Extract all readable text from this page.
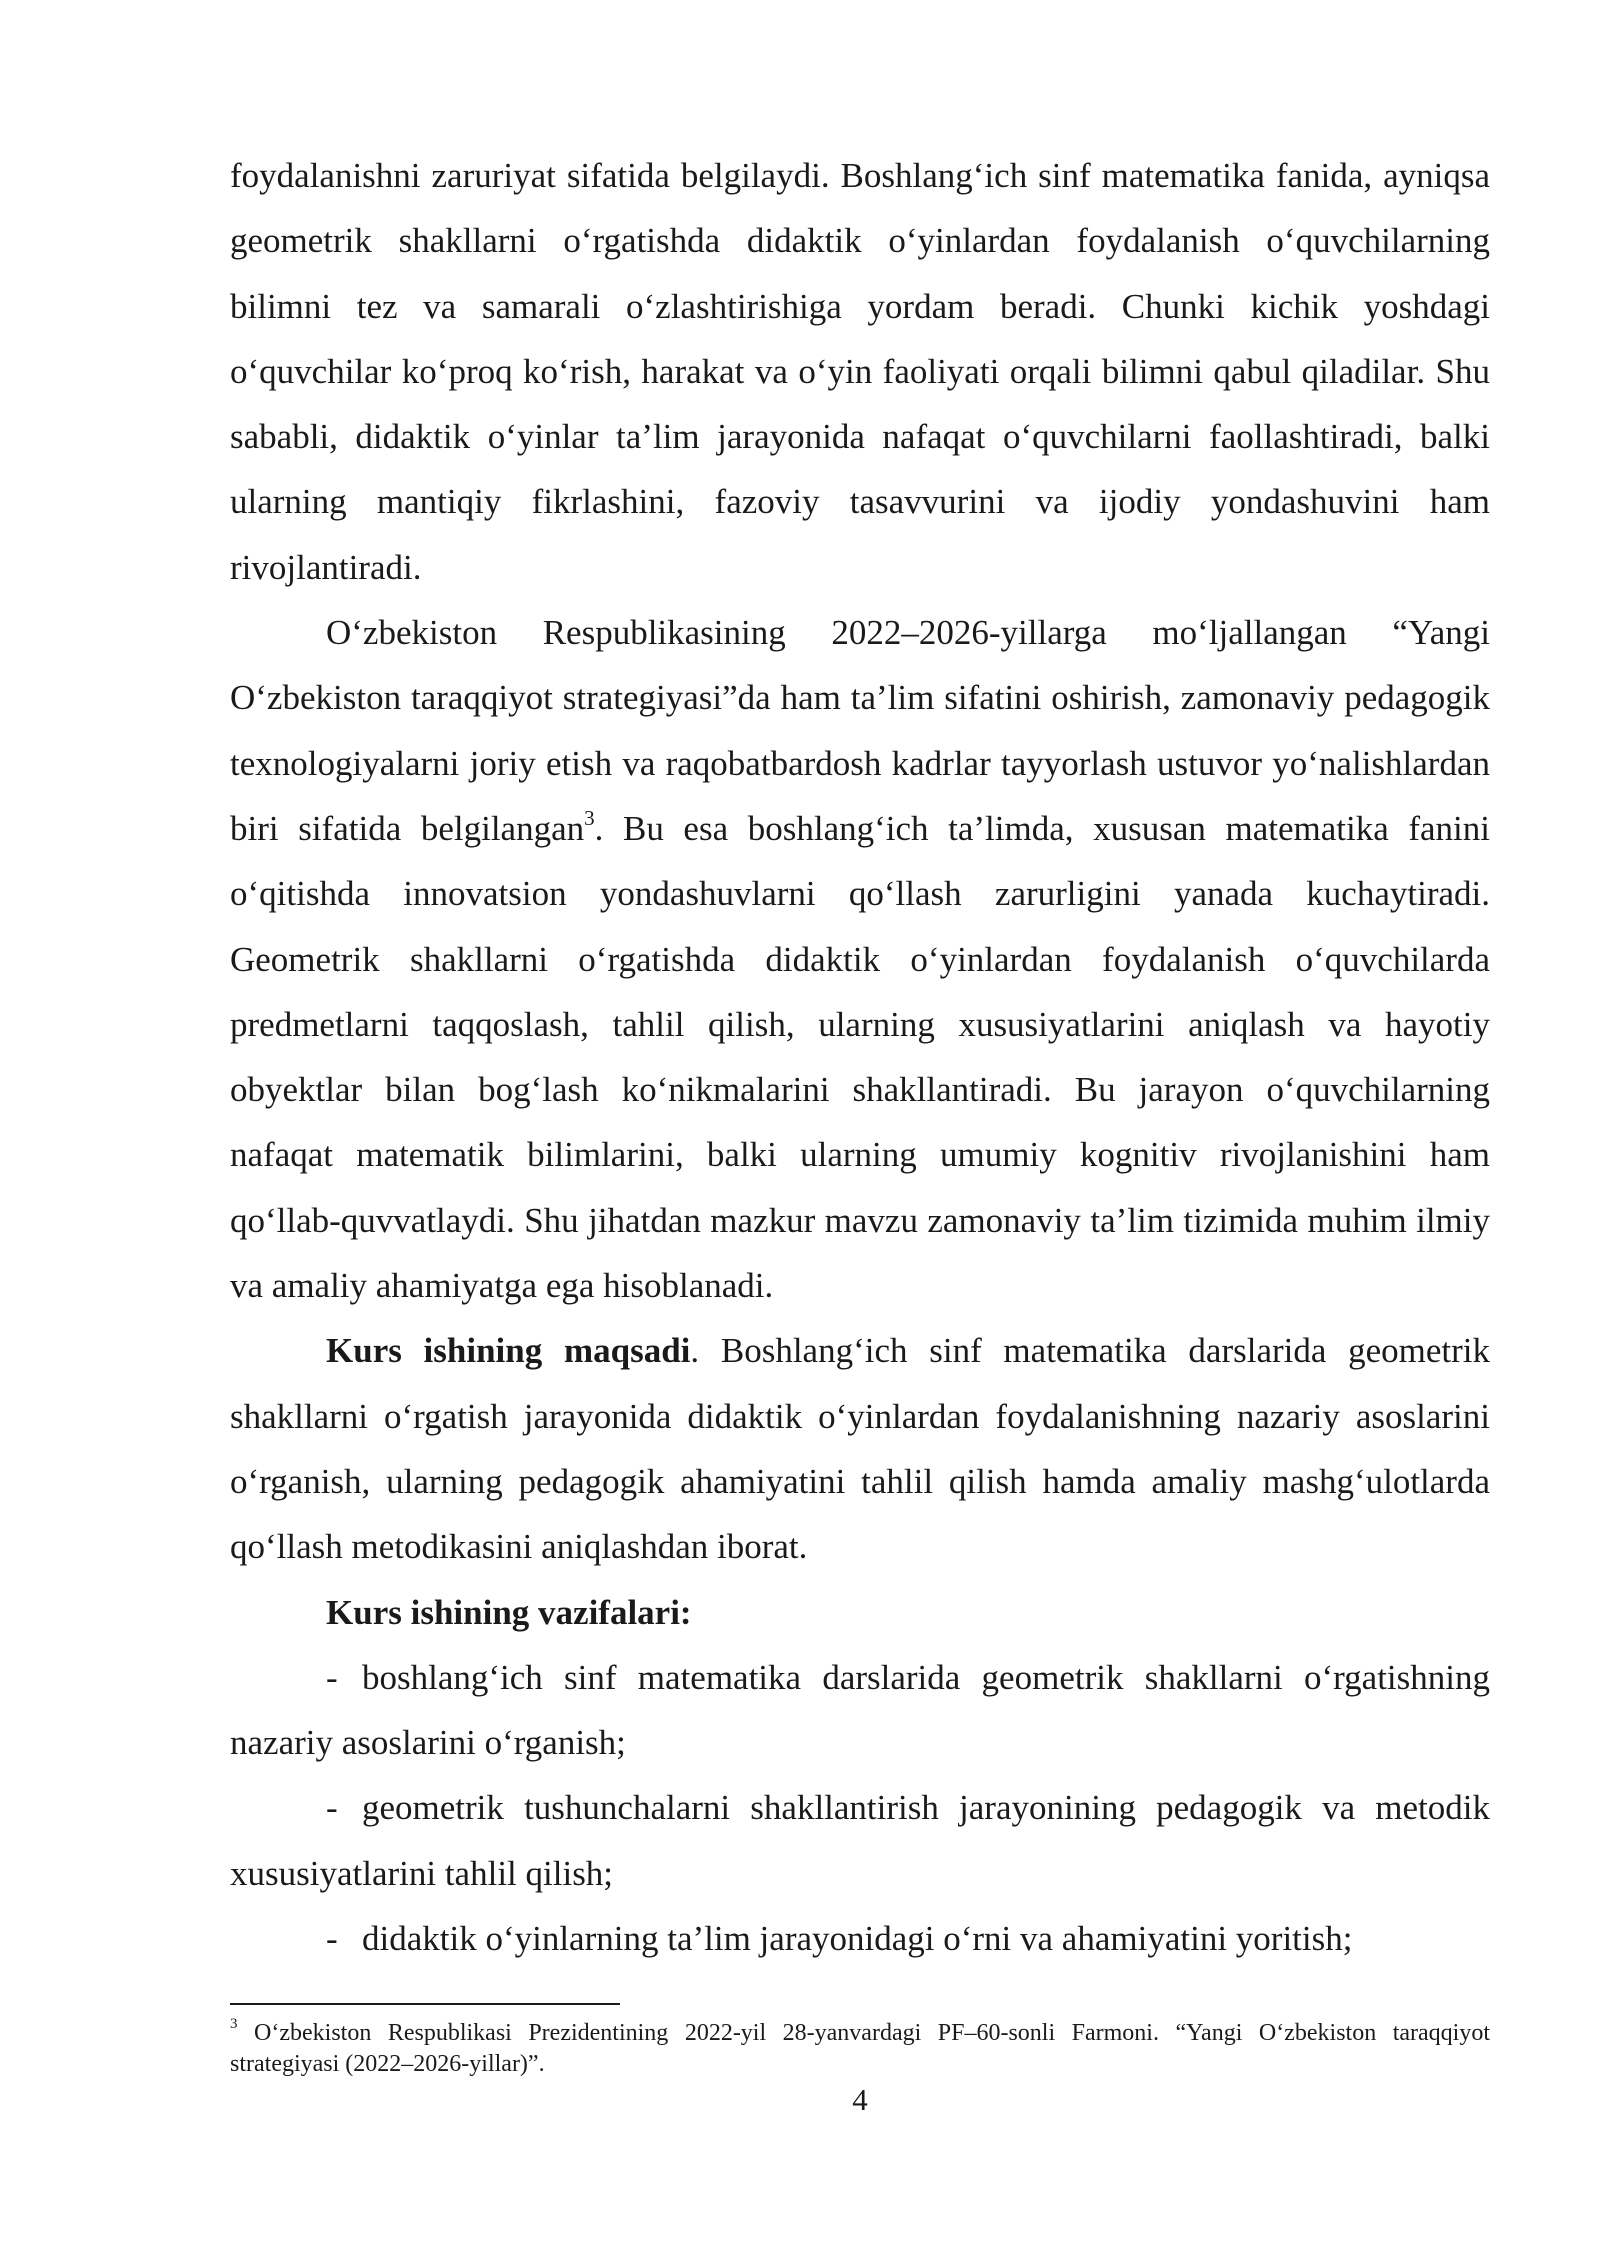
foydalanishni zaruriyat sifatida belgilaydi. Boshlang‘ich sinf matematika fanida, ayniqsa geometrik shakllarni o‘rgatishda didaktik o‘yinlardan foydalanish o‘quvchilarning bilimni tez va samarali o‘zlashtirishiga yordam beradi. Chunki kichik yoshdagi o‘quvchilar ko‘proq ko‘rish, harakat va o‘yin faoliyati orqali bilimni qabul qiladilar. Shu sababli, didaktik o‘yinlar ta’lim jarayonida nafaqat o‘quvchilarni faollashtiradi, balki ularning mantiqiy fikrlashini, fazoviy tasavvurini va ijodiy yondashuvini ham rivojlantiradi.

O‘zbekiston Respublikasining 2022–2026-yillarga mo‘ljallangan “Yangi O‘zbekiston taraqqiyot strategiyasi”da ham ta’lim sifatini oshirish, zamonaviy pedagogik texnologiyalarni joriy etish va raqobatbardosh kadrlar tayyorlash ustuvor yo‘nalishlardan biri sifatida belgilangan$^3$. Bu esa boshlang‘ich ta’limda, xususan matematika fanini o‘qitishda innovatsion yondashuvlarni qo‘llash zarurligini yanada kuchaytiradi. Geometrik shakllarni o‘rgatishda didaktik o‘yinlardan foydalanish o‘quvchilarda predmetlarni taqqoslash, tahlil qilish, ularning xususiyatlarini aniqlash va hayotiy obyektlar bilan bog‘lash ko‘nikmalarini shakllantiradi. Bu jarayon o‘quvchilarning nafaqat matematik bilimlarini, balki ularning umumiy kognitiv rivojlanishini ham qo‘llab-quvvatlaydi. Shu jihatdan mazkur mavzu zamonaviy ta’lim tizimida muhim ilmiy va amaliy ahamiyatga ega hisoblanadi.

Kurs ishining maqsadi. Boshlang‘ich sinf matematika darslarida geometrik shakllarni o‘rgatish jarayonida didaktik o‘yinlardan foydalanishning nazariy asoslarini o‘rganish, ularning pedagogik ahamiyatini tahlil qilish hamda amaliy mashg‘ulotlarda qo‘llash metodikasini aniqlashdan iborat.

Kurs ishining vazifalari:

- boshlang‘ich sinf matematika darslarida geometrik shakllarni o‘rgatishning nazariy asoslarini o‘rganish;

- geometrik tushunchalarni shakllantirish jarayonining pedagogik va metodik xususiyatlarini tahlil qilish;

- didaktik o‘yinlarning ta’lim jarayonidagi o‘rni va ahamiyatini yoritish;

$^3$ O‘zbekiston Respublikasi Prezidentining 2022-yil 28-yanvardagi PF–60-sonli Farmoni. “Yangi O‘zbekiston taraqqiyot strategiyasi (2022–2026-yillar)”.
4
